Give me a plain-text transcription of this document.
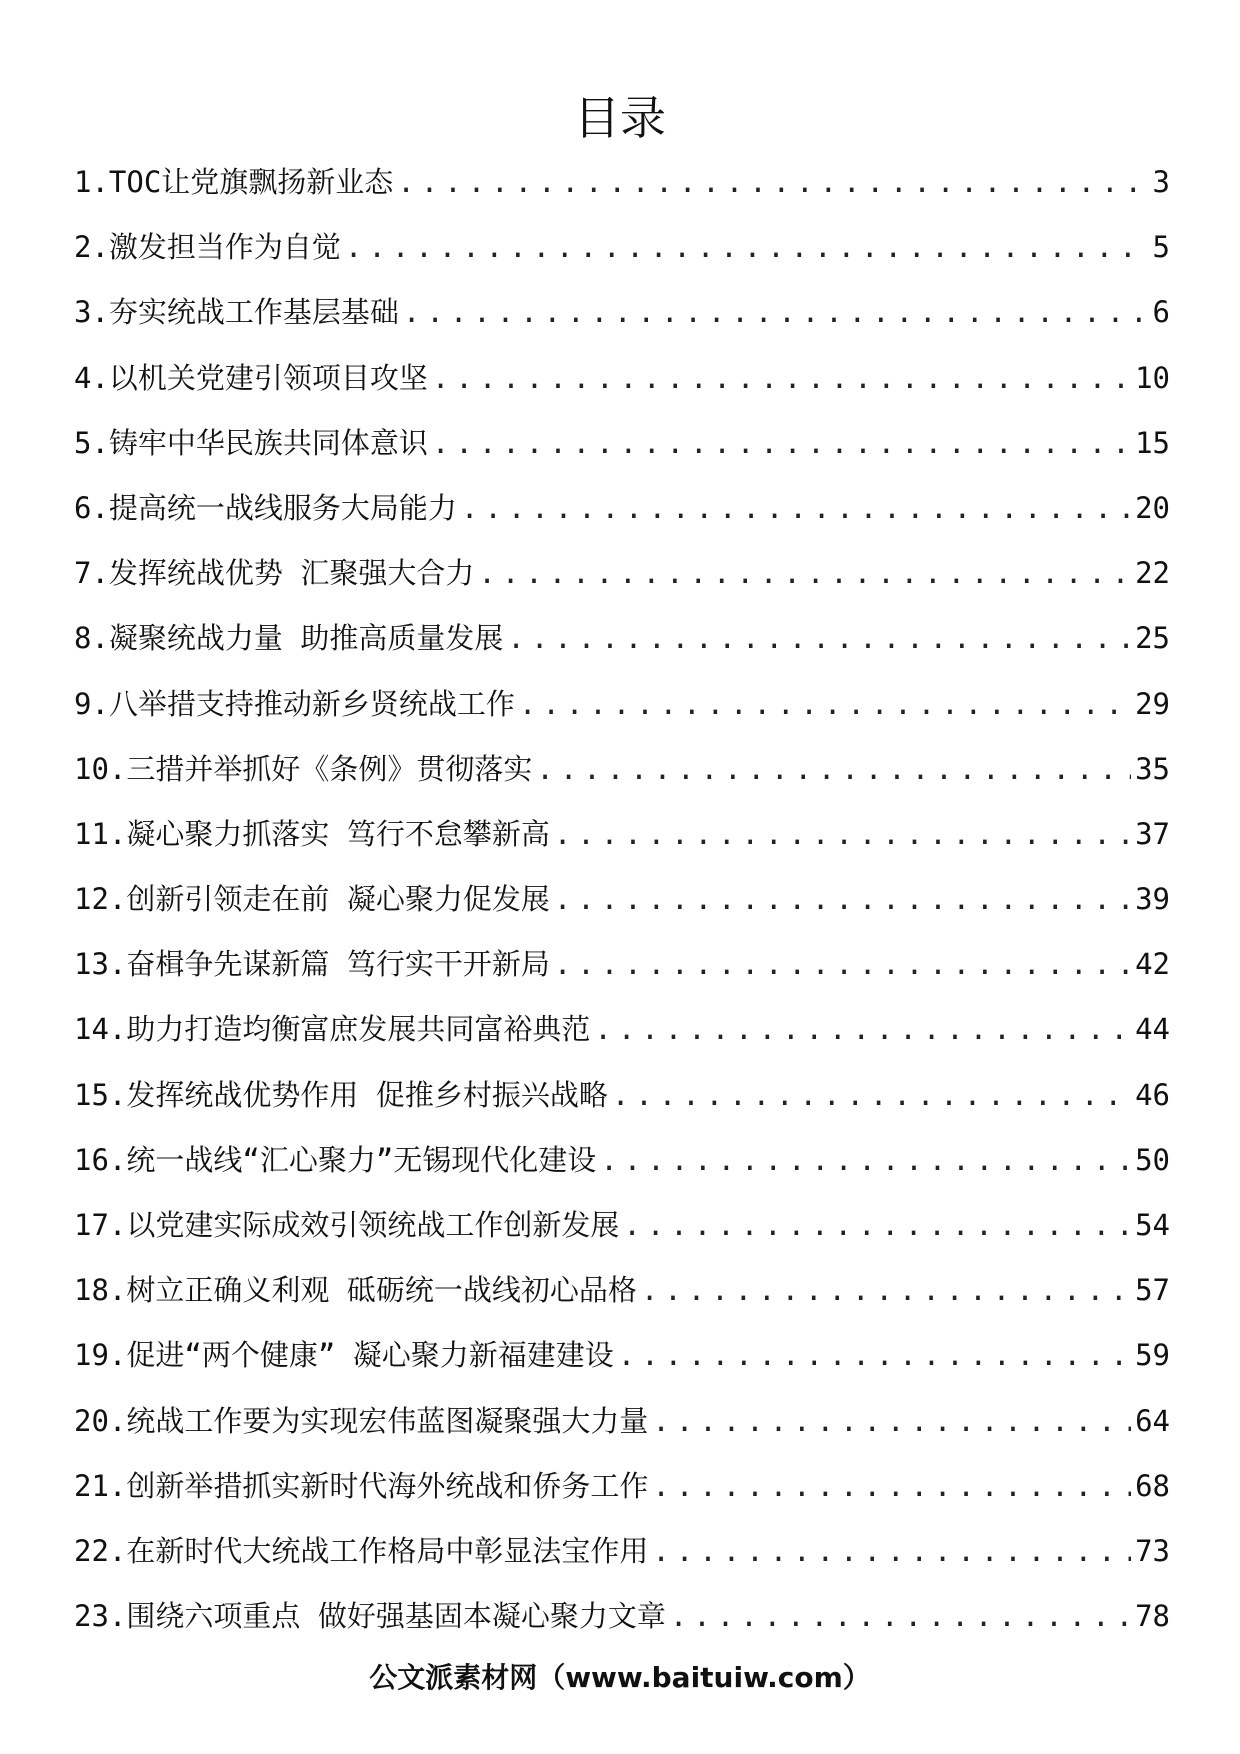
目录
1.TOC让党旗飘扬新业态 .....	3
2.激发担当作为自觉 .....	5
3.夯实统战工作基层基础 .....	6
4.以机关党建引领项目攻坚 .....	10
5.铸牢中华民族共同体意识 .....	15
6.提高统一战线服务大局能力 .....	20
7.发挥统战优势 汇聚强大合力 .....	22
8.凝聚统战力量 助推高质量发展 .....	25
9.八举措支持推动新乡贤统战工作 .....	29
10.三措并举抓好《条例》贯彻落实 .....	35
11.凝心聚力抓落实 笃行不怠攀新高 .....	37
12.创新引领走在前 凝心聚力促发展 .....	39
13.奋楫争先谋新篇 笃行实干开新局 .....	42
14.助力打造均衡富庶发展共同富裕典范 .....	44
15.发挥统战优势作用 促推乡村振兴战略 .....	46
16.统一战线“汇心聚力”无锡现代化建设 .....	50
17.以党建实际成效引领统战工作创新发展 .....	54
18.树立正确义利观 砥砺统一战线初心品格 .....	57
19.促进“两个健康” 凝心聚力新福建建设 .....	59
20.统战工作要为实现宏伟蓝图凝聚强大力量 .....	64
21.创新举措抓实新时代海外统战和侨务工作 .....	68
22.在新时代大统战工作格局中彰显法宝作用 .....	73
23.围绕六项重点 做好强基固本凝心聚力文章 .....	78
公文派素材网（www.baituiw.com）
